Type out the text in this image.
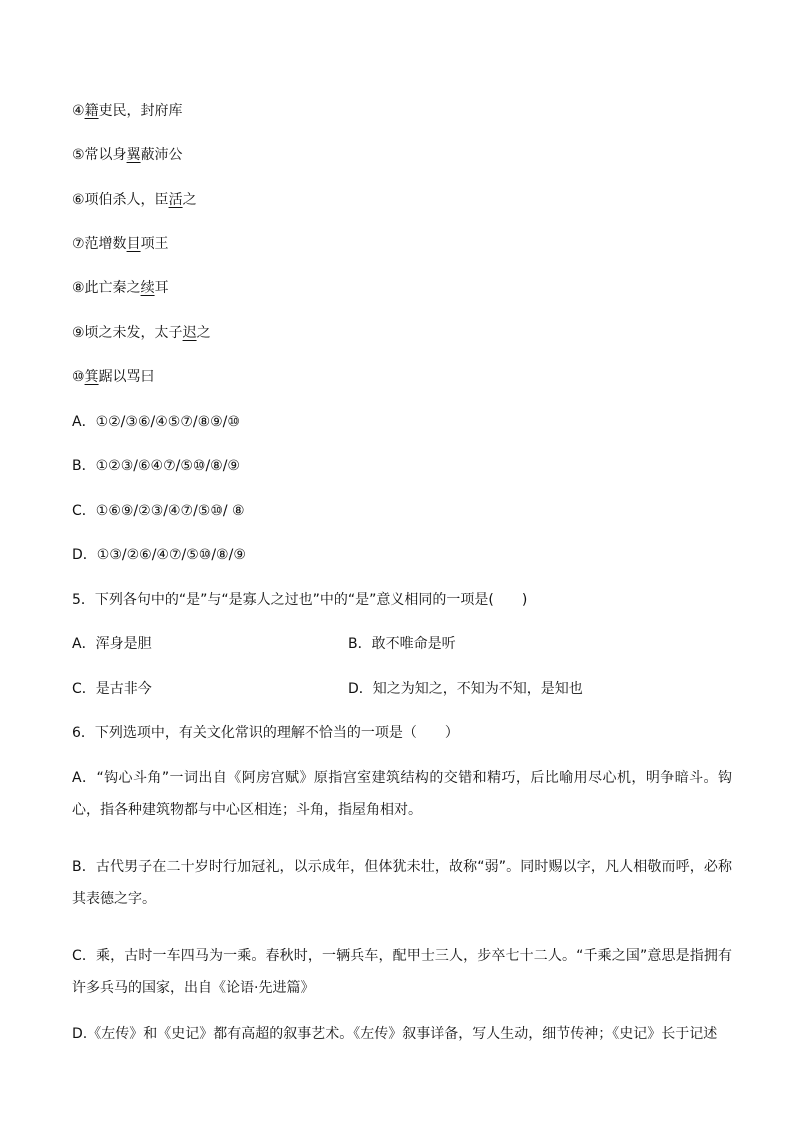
④籍吏民，封府库
⑤常以身翼蔽沛公
⑥项伯杀人，臣活之
⑦范增数目项王
⑧此亡秦之续耳
⑨顷之未发，太子迟之
⑩箕踞以骂曰
A．①②/③⑥/④⑤⑦/⑧⑨/⑩
B．①②③/⑥④⑦/⑤⑩/⑧/⑨
C．①⑥⑨/②③/④⑦/⑤⑩/ ⑧
D．①③/②⑥/④⑦/⑤⑩/⑧/⑨
5．下列各句中的“是”与“是寡人之过也”中的“是”意义相同的一项是(　　)
A．浑身是胆	B．敢不唯命是听
C．是古非今	D．知之为知之，不知为不知，是知也
6．下列选项中，有关文化常识的理解不恰当的一项是（　　）
A．“钩心斗角”一词出自《阿房宫赋》原指宫室建筑结构的交错和精巧，后比喻用尽心机，明争暗斗。钩心，指各种建筑物都与中心区相连；斗角，指屋角相对。
B．古代男子在二十岁时行加冠礼，以示成年，但体犹未壮，故称“弱”。同时赐以字，凡人相敬而呼，必称其表德之字。
C．乘，古时一车四马为一乘。春秋时，一辆兵车，配甲士三人，步卒七十二人。“千乘之国”意思是指拥有许多兵马的国家，出自《论语·先进篇》
D.《左传》和《史记》都有高超的叙事艺术。《左传》叙事详备，写人生动，细节传神；《史记》长于记述
